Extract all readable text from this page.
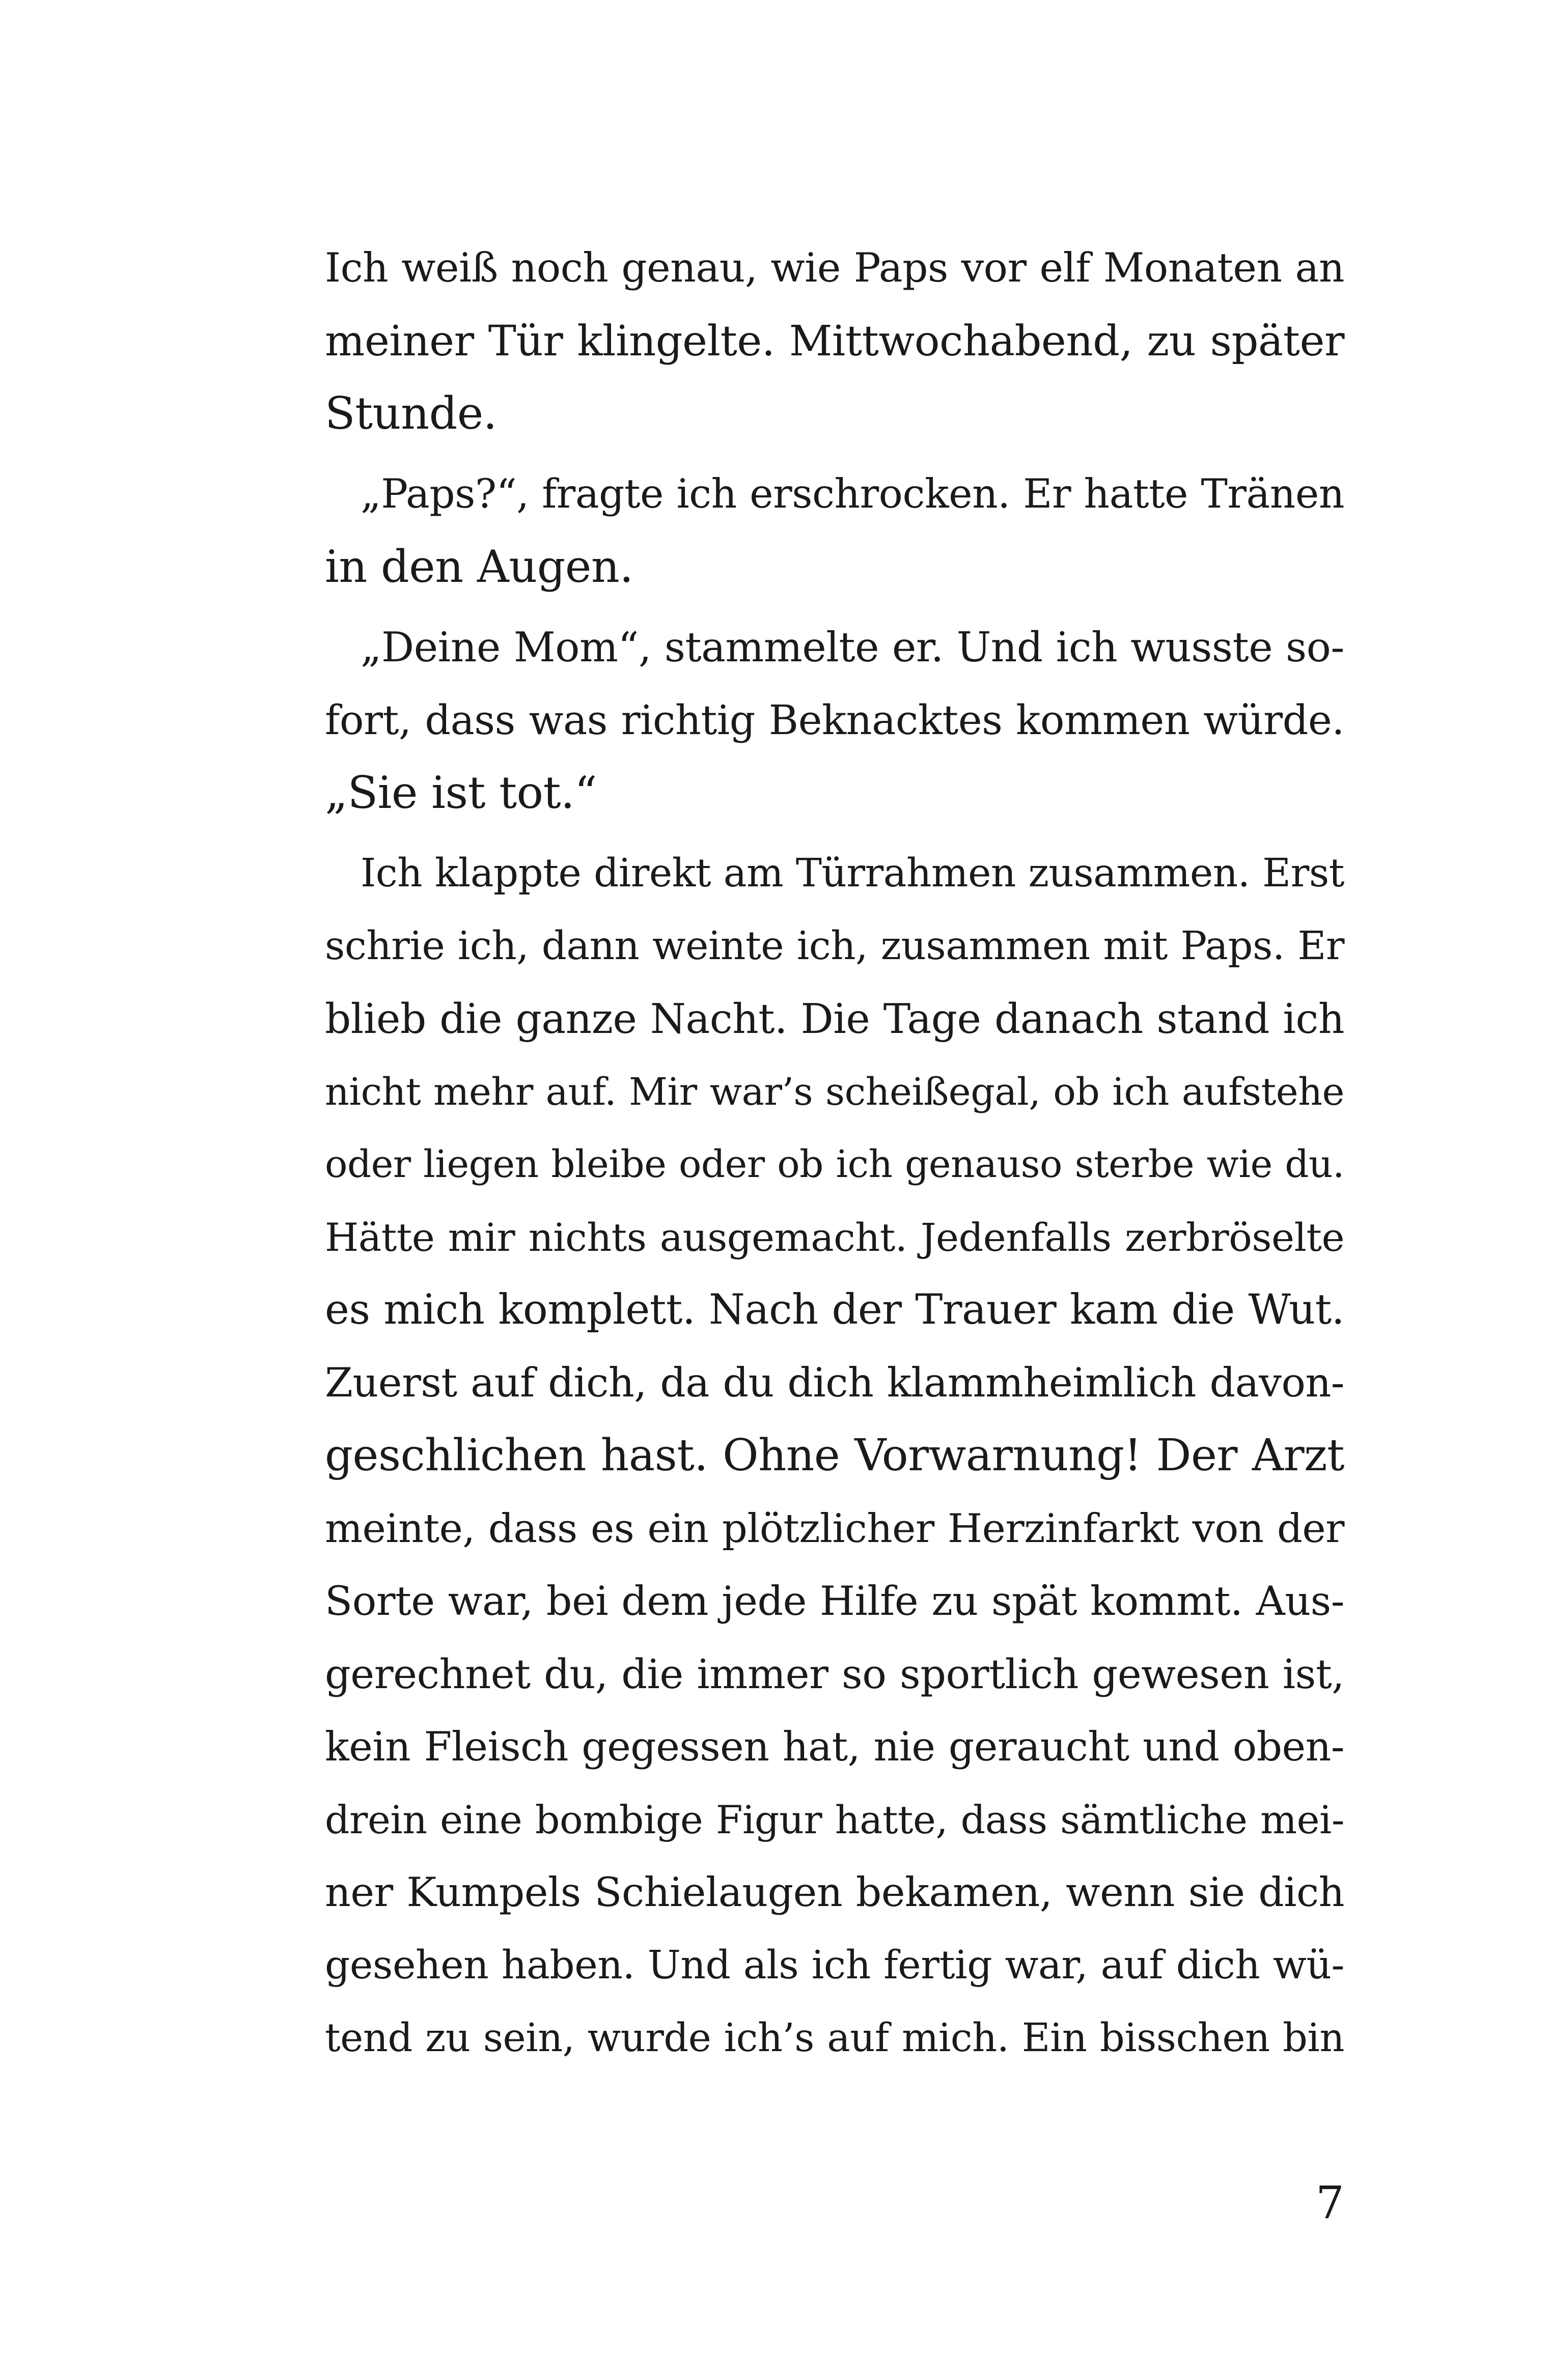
Ich weiß noch genau, wie Paps vor elf Monaten an
meiner Tür klingelte. Mittwochabend, zu später
Stunde.
„Paps?“, fragte ich erschrocken. Er hatte Tränen
in den Augen.
„Deine Mom“, stammelte er. Und ich wusste so-
fort, dass was richtig Beknacktes kommen würde.
„Sie ist tot.“
Ich klappte direkt am Türrahmen zusammen. Erst
schrie ich, dann weinte ich, zusammen mit Paps. Er
blieb die ganze Nacht. Die Tage danach stand ich
nicht mehr auf. Mir war’s scheißegal, ob ich aufstehe
oder liegen bleibe oder ob ich genauso sterbe wie du.
Hätte mir nichts ausgemacht. Jedenfalls zerbröselte
es mich komplett. Nach der Trauer kam die Wut.
Zuerst auf dich, da du dich klammheimlich davon-
geschlichen hast. Ohne Vorwarnung! Der Arzt
meinte, dass es ein plötzlicher Herzinfarkt von der
Sorte war, bei dem jede Hilfe zu spät kommt. Aus-
gerechnet du, die immer so sportlich gewesen ist,
kein Fleisch gegessen hat, nie geraucht und oben-
drein eine bombige Figur hatte, dass sämtliche mei-
ner Kumpels Schielaugen bekamen, wenn sie dich
gesehen haben. Und als ich fertig war, auf dich wü-
tend zu sein, wurde ich’s auf mich. Ein bisschen bin
7
